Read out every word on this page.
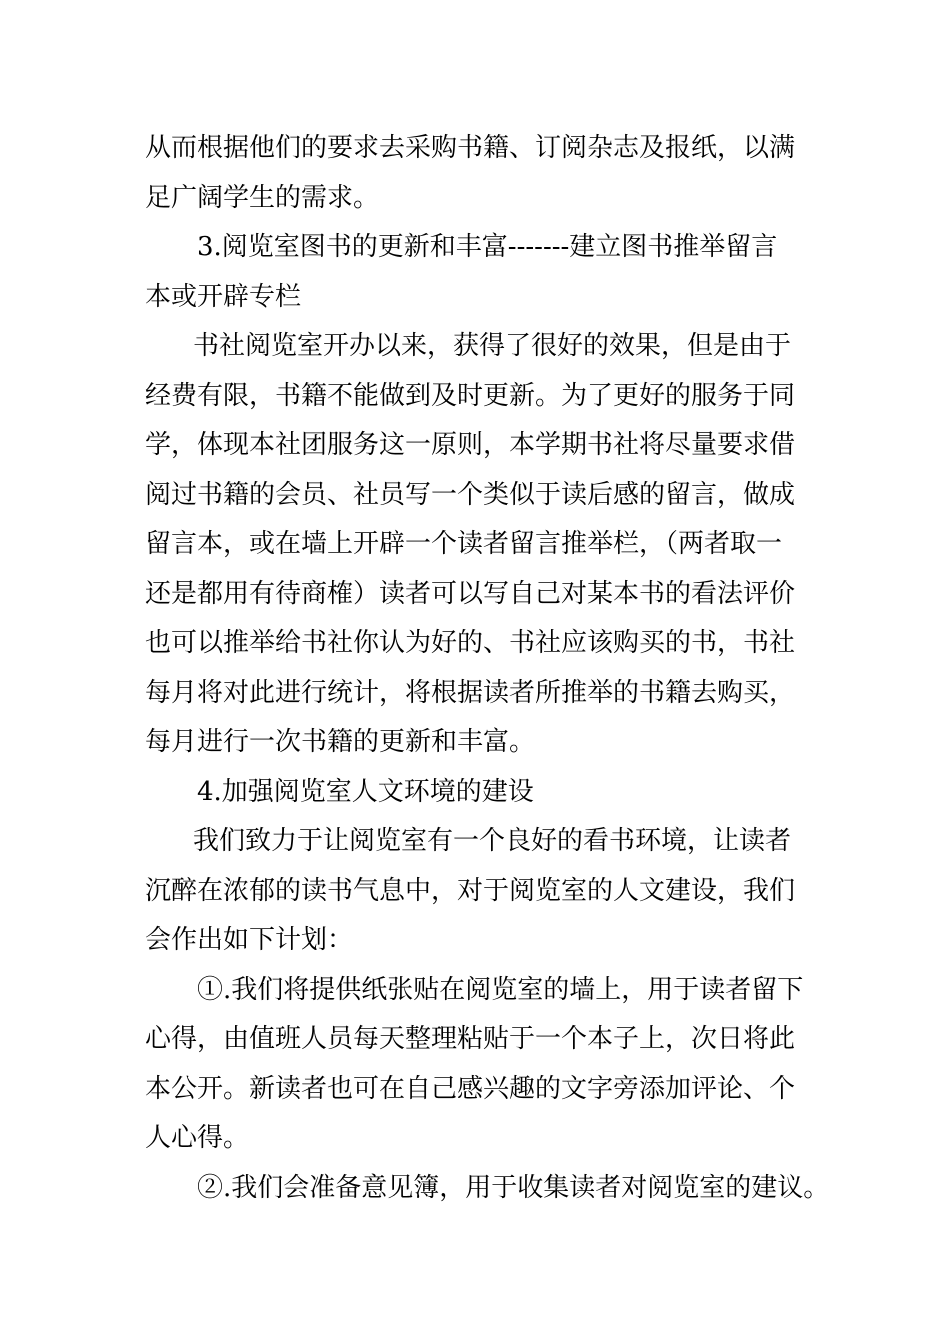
从而根据他们的要求去采购书籍、订阅杂志及报纸，以满
足广阔学生的需求。
3.阅览室图书的更新和丰富-------建立图书推举留言
本或开辟专栏
书社阅览室开办以来，获得了很好的效果，但是由于
经费有限，书籍不能做到及时更新。为了更好的服务于同
学，体现本社团服务这一原则，本学期书社将尽量要求借
阅过书籍的会员、社员写一个类似于读后感的留言，做成
留言本，或在墙上开辟一个读者留言推举栏，（两者取一
还是都用有待商榷）读者可以写自己对某本书的看法评价
也可以推举给书社你认为好的、书社应该购买的书，书社
每月将对此进行统计，将根据读者所推举的书籍去购买，
每月进行一次书籍的更新和丰富。
4.加强阅览室人文环境的建设
我们致力于让阅览室有一个良好的看书环境，让读者
沉醉在浓郁的读书气息中，对于阅览室的人文建设，我们
会作出如下计划：
①.我们将提供纸张贴在阅览室的墙上，用于读者留下
心得，由值班人员每天整理粘贴于一个本子上，次日将此
本公开。新读者也可在自己感兴趣的文字旁添加评论、个
人心得。
②.我们会准备意见簿，用于收集读者对阅览室的建议。
